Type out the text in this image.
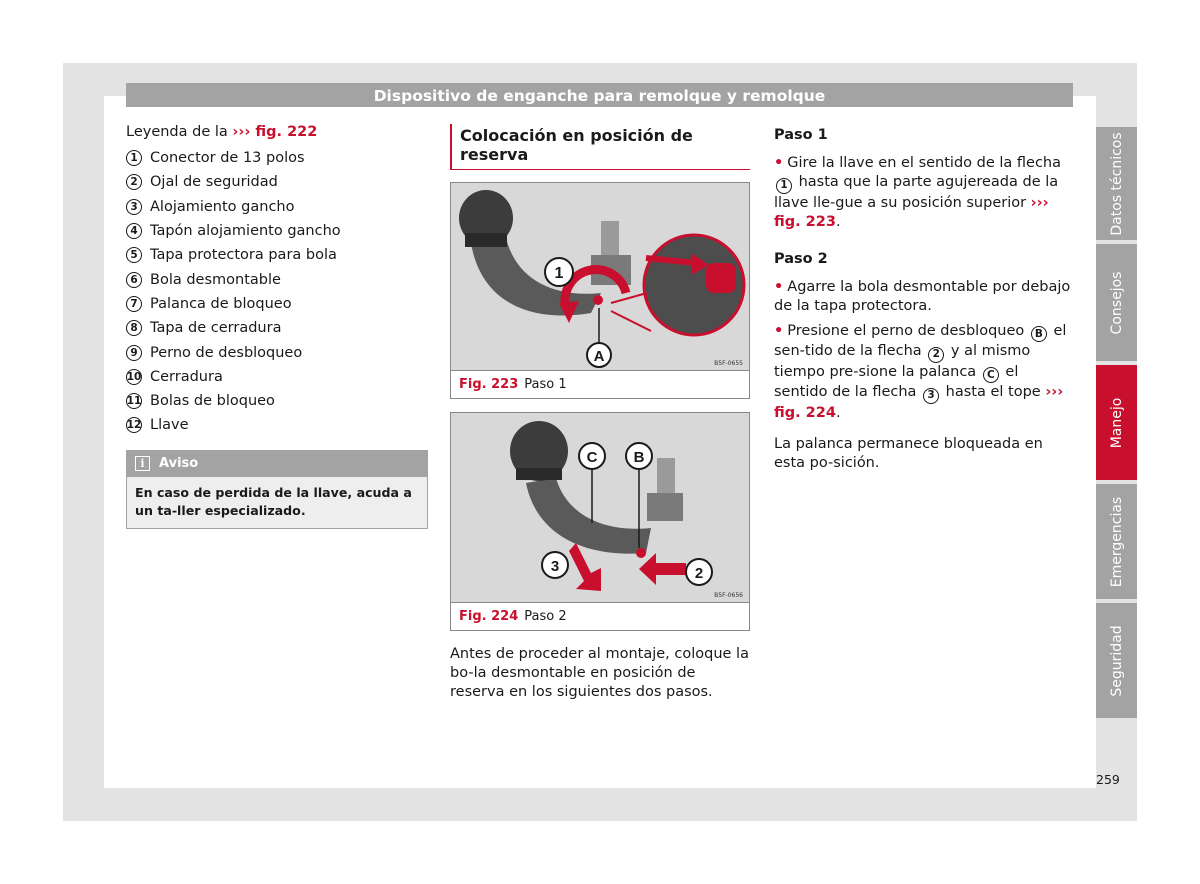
Dispositivo de enganche para remolque y remolque
Leyenda de la ››› fig. 222
1 Conector de 13 polos
2 Ojal de seguridad
3 Alojamiento gancho
4 Tapón alojamiento gancho
5 Tapa protectora para bola
6 Bola desmontable
7 Palanca de bloqueo
8 Tapa de cerradura
9 Perno de desbloqueo
10 Cerradura
11 Bolas de bloqueo
12 Llave
i	Aviso
En caso de perdida de la llave, acuda a un ta-ller especializado.
Colocación en posición de reserva
1
A	B5F-0655
Fig. 223 Paso 1
C B
3	2
B5F-0656
Fig. 224 Paso 2
Antes de proceder al montaje, coloque la bo-la desmontable en posición de reserva en los siguientes dos pasos.
Paso 1
• Gire la llave en el sentido de la flecha 1 hasta que la parte agujereada de la llave lle-gue a su posición superior ››› fig. 223.
Paso 2
• Agarre la bola desmontable por debajo de la tapa protectora.
• Presione el perno de desbloqueo B el sen-tido de la flecha 2 y al mismo tiempo pre-sione la palanca C el sentido de la flecha 3 hasta el tope ››› fig. 224.
La palanca permanece bloqueada en esta po-sición.
Datos técnicos
Consejos
Manejo
Emergencias
Seguridad
259
